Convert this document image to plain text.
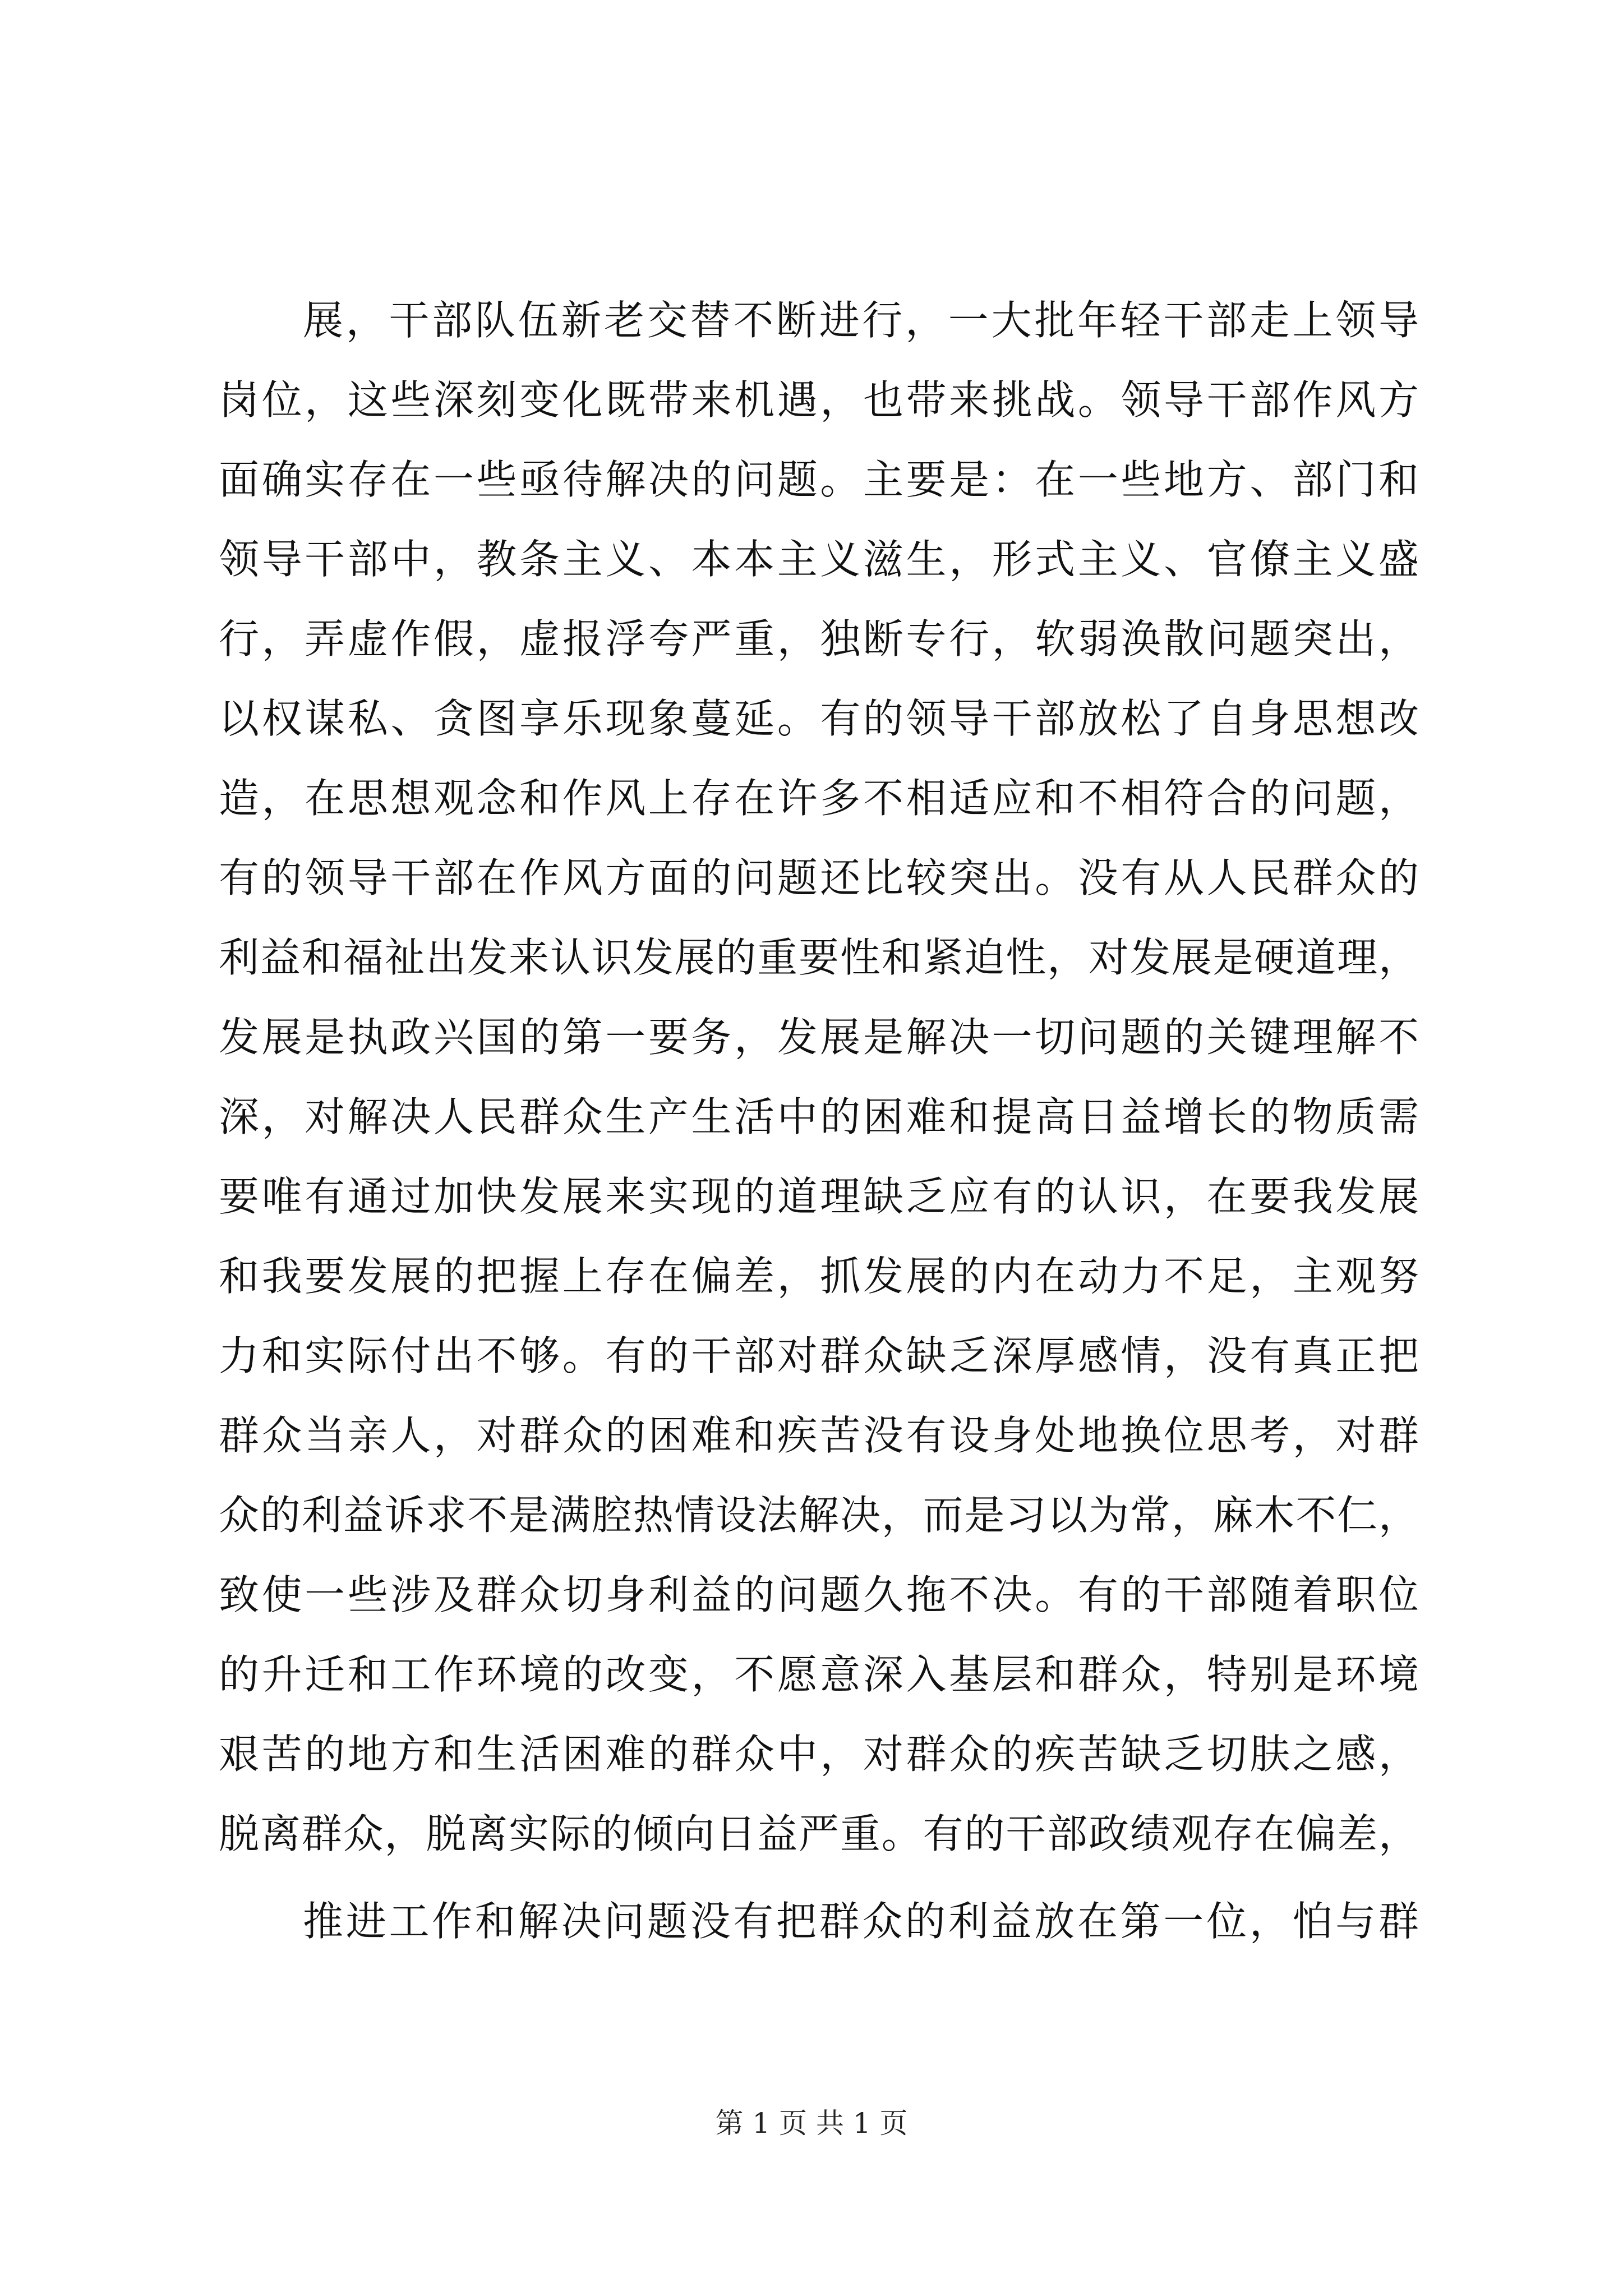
展，干部队伍新老交替不断进行，一大批年轻干部走上领导
岗位，这些深刻变化既带来机遇，也带来挑战。领导干部作风方
面确实存在一些亟待解决的问题。主要是：在一些地方、部门和
领导干部中，教条主义、本本主义滋生，形式主义、官僚主义盛
行，弄虚作假，虚报浮夸严重，独断专行，软弱涣散问题突出，
以权谋私、贪图享乐现象蔓延。有的领导干部放松了自身思想改
造，在思想观念和作风上存在许多不相适应和不相符合的问题，
有的领导干部在作风方面的问题还比较突出。没有从人民群众的
利益和福祉出发来认识发展的重要性和紧迫性，对发展是硬道理，
发展是执政兴国的第一要务，发展是解决一切问题的关键理解不
深，对解决人民群众生产生活中的困难和提高日益增长的物质需
要唯有通过加快发展来实现的道理缺乏应有的认识，在要我发展
和我要发展的把握上存在偏差，抓发展的内在动力不足，主观努
力和实际付出不够。有的干部对群众缺乏深厚感情，没有真正把
群众当亲人，对群众的困难和疾苦没有设身处地换位思考，对群
众的利益诉求不是满腔热情设法解决，而是习以为常，麻木不仁，
致使一些涉及群众切身利益的问题久拖不决。有的干部随着职位
的升迁和工作环境的改变，不愿意深入基层和群众，特别是环境
艰苦的地方和生活困难的群众中，对群众的疾苦缺乏切肤之感，
脱离群众，脱离实际的倾向日益严重。有的干部政绩观存在偏差，
推进工作和解决问题没有把群众的利益放在第一位，怕与群
第 1 页 共 1 页
